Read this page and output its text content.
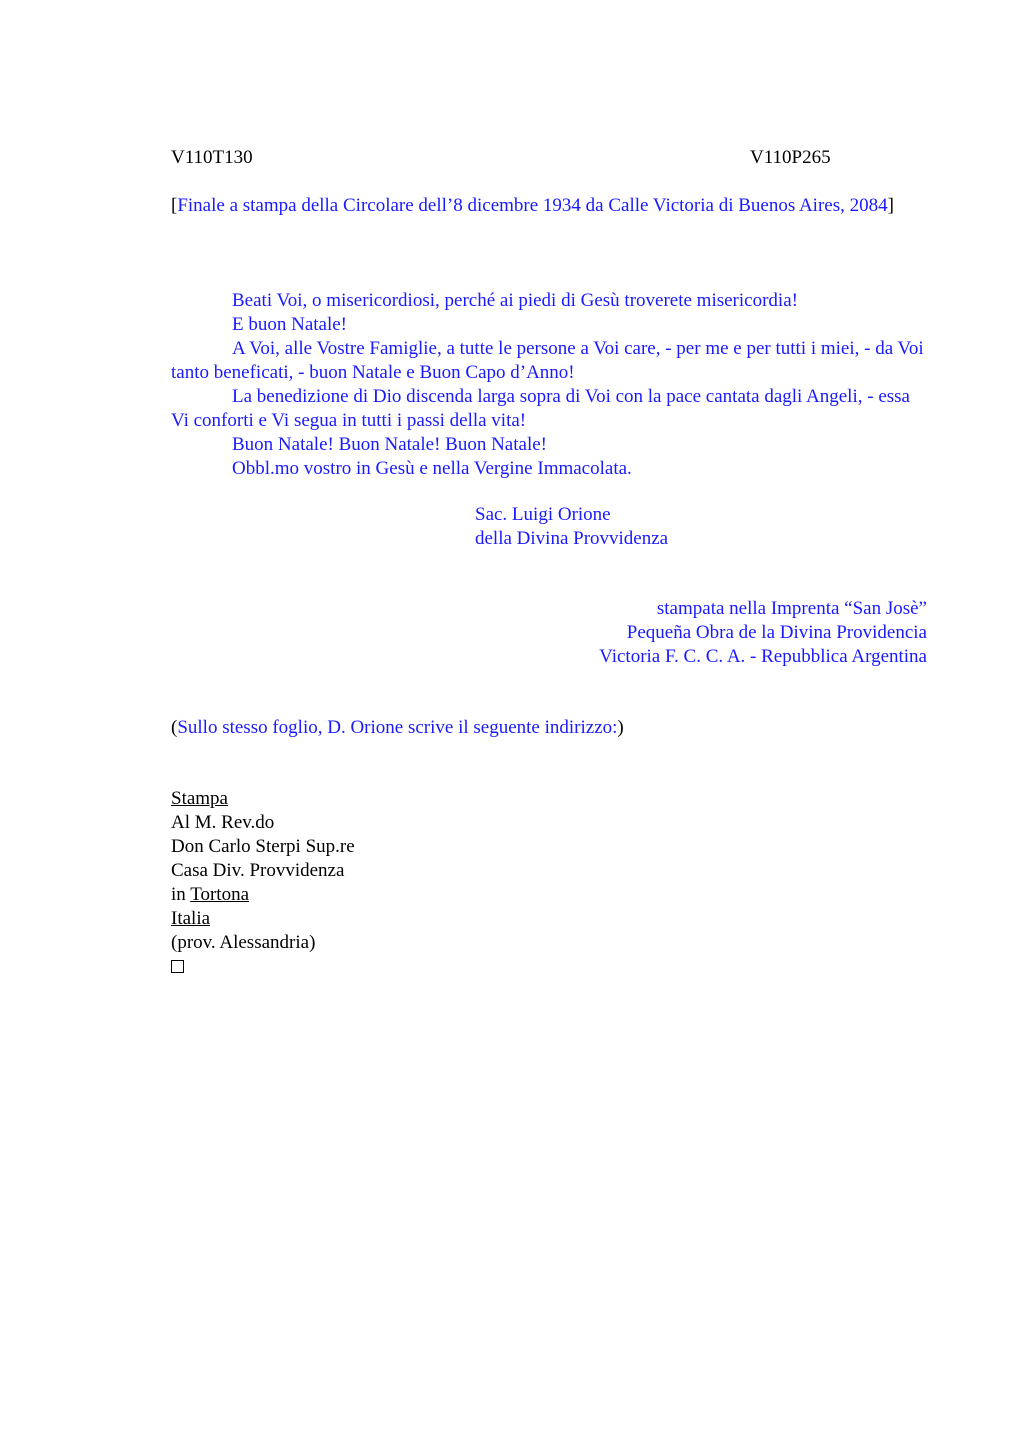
V110T130	V110P265
[Finale a stampa della Circolare dell’8 dicembre 1934 da Calle Victoria di Buenos Aires, 2084]
Beati Voi, o misericordiosi, perché ai piedi di Gesù troverete misericordia!
E buon Natale!
A Voi, alle Vostre Famiglie, a tutte le persone a Voi care, - per me e per tutti i miei, - da Voi tanto beneficati, - buon Natale e Buon Capo d’Anno!
La benedizione di Dio discenda larga sopra di Voi con la pace cantata dagli Angeli, - essa Vi conforti e Vi segua in tutti i passi della vita!
Buon Natale! Buon Natale! Buon Natale!
Obbl.mo vostro in Gesù e nella Vergine Immacolata.
Sac. Luigi Orione
della Divina Provvidenza
stampata nella Imprenta “San Josè”
Pequeña Obra de la Divina Providencia
Victoria F. C. C. A. - Repubblica Argentina
(Sullo stesso foglio, D. Orione scrive il seguente indirizzo:)
Stampa
Al M. Rev.do
Don Carlo Sterpi Sup.re
Casa Div. Provvidenza
in Tortona
Italia
(prov. Alessandria)
